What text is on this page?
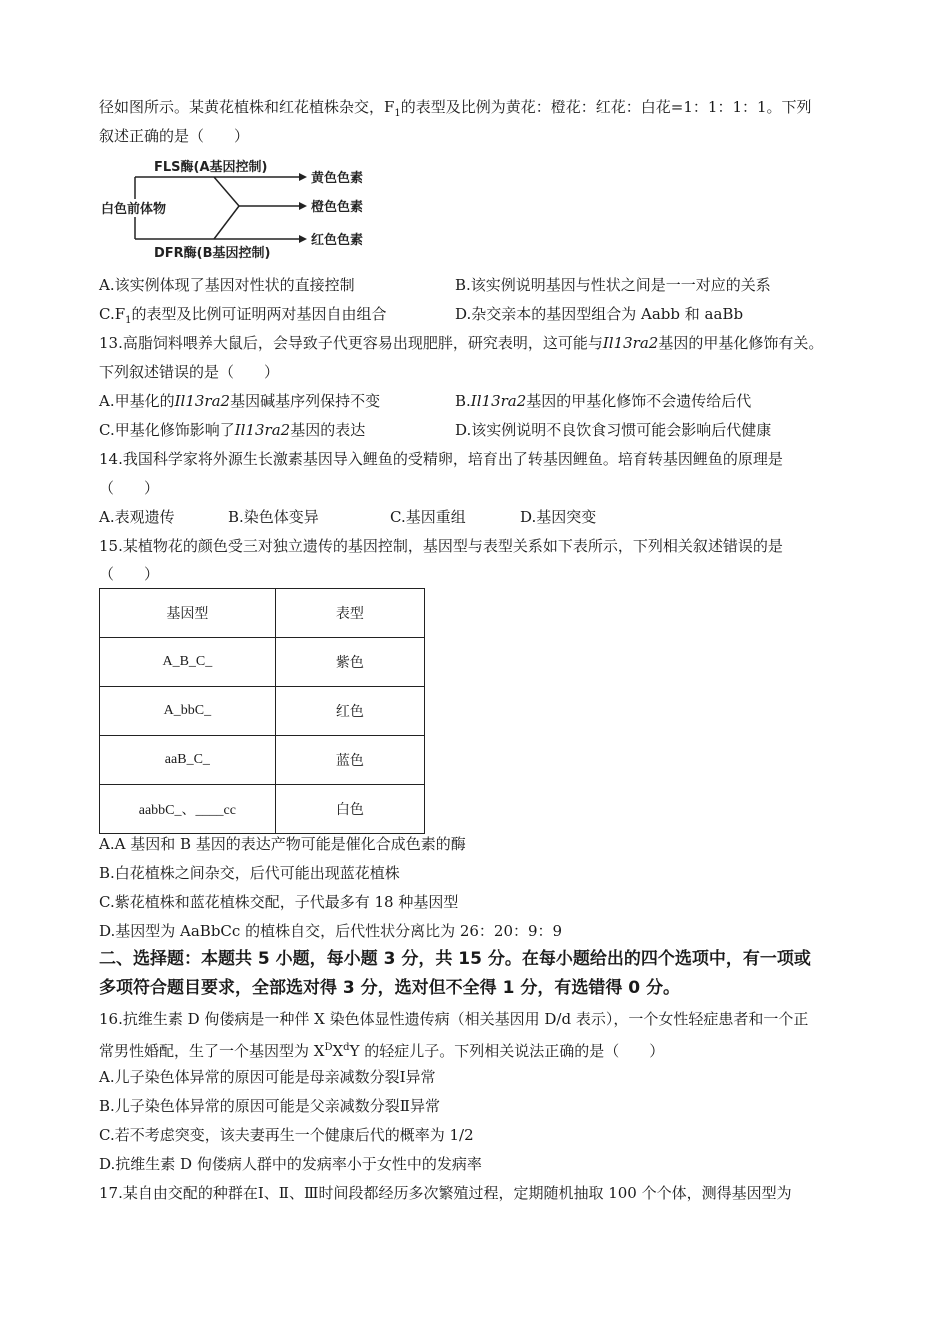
径如图所示。某黄花植株和红花植株杂交，$F_1$的表型及比例为黄花：橙花：红花：白花=1：1：1：1。下列
叙述正确的是（　　）
FLS酶(A基因控制)
白色前体物
DFR酶(B基因控制)
黄色色素
橙色色素
红色色素
A.该实例体现了基因对性状的直接控制	B.该实例说明基因与性状之间是一一对应的关系
$C.F_1$的表型及比例可证明两对基因自由组合	D.杂交亲本的基因型组合为 Aabb 和 aaBb
13.高脂饲料喂养大鼠后，会导致子代更容易出现肥胖，研究表明，这可能与Il13ra2基因的甲基化修饰有关。
下列叙述错误的是（　　）
A.甲基化的Il13ra2基因碱基序列保持不变	B.Il13ra2基因的甲基化修饰不会遗传给后代
C.甲基化修饰影响了Il13ra2基因的表达	D.该实例说明不良饮食习惯可能会影响后代健康
14.我国科学家将外源生长激素基因导入鲤鱼的受精卵，培育出了转基因鲤鱼。培育转基因鲤鱼的原理是
（　　）
A.表观遗传	B.染色体变异	C.基因重组	D.基因突变
15.某植物花的颜色受三对独立遗传的基因控制，基因型与表型关系如下表所示，下列相关叙述错误的是
（　　）
基因型	表型
A_B_C_	紫色
A_bbC_	红色
aaB_C_	蓝色
aabbC_、____cc	白色
A.A 基因和 B 基因的表达产物可能是催化合成色素的酶
B.白花植株之间杂交，后代可能出现蓝花植株
C.紫花植株和蓝花植株交配，子代最多有 18 种基因型
D.基因型为 AaBbCc 的植株自交，后代性状分离比为 26：20：9：9
二、选择题：本题共 5 小题，每小题 3 分，共 15 分。在每小题给出的四个选项中，有一项或
多项符合题目要求，全部选对得 3 分，选对但不全得 1 分，有选错得 0 分。
16.抗维生素 D 佝偻病是一种伴 X 染色体显性遗传病（相关基因用 D/d 表示），一个女性轻症患者和一个正
常男性婚配，生了一个基因型为 $X^DX^dY$ 的轻症儿子。下列相关说法正确的是（　　）
A.儿子染色体异常的原因可能是母亲减数分裂Ⅰ异常
B.儿子染色体异常的原因可能是父亲减数分裂Ⅱ异常
C.若不考虑突变，该夫妻再生一个健康后代的概率为 1/2
D.抗维生素 D 佝偻病人群中的发病率小于女性中的发病率
17.某自由交配的种群在Ⅰ、Ⅱ、Ⅲ时间段都经历多次繁殖过程，定期随机抽取 100 个个体，测得基因型为
